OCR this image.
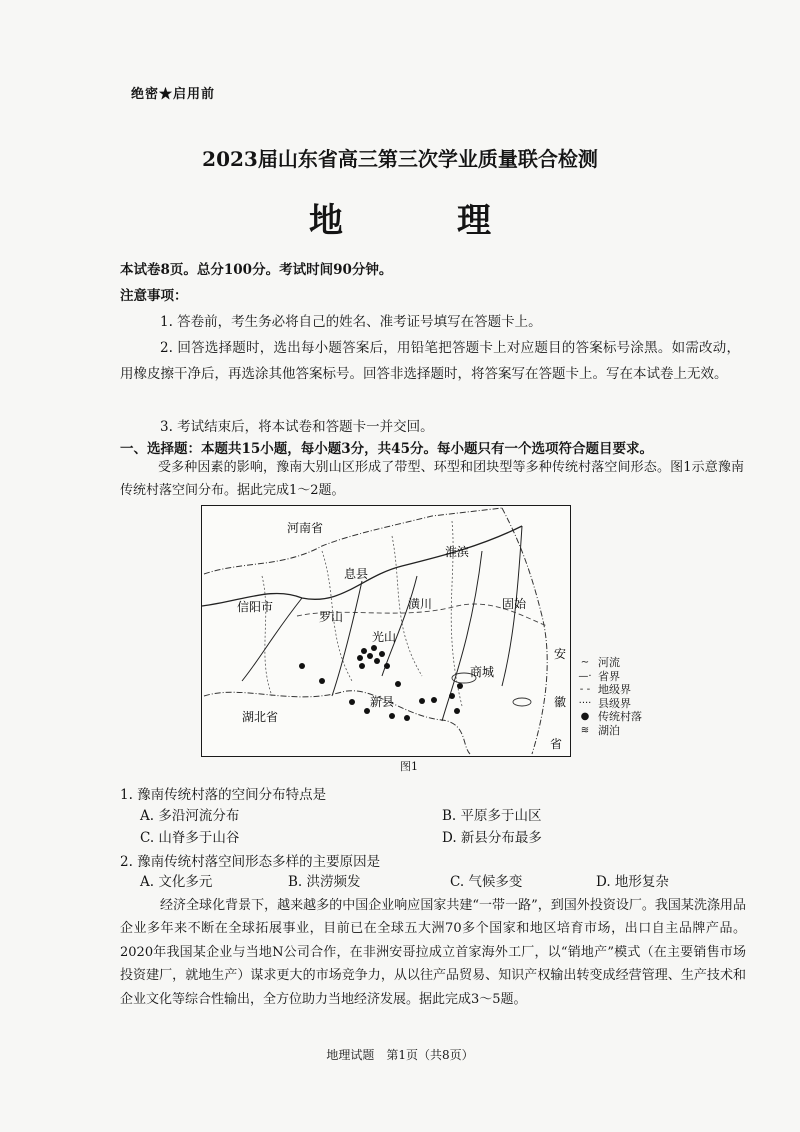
绝密★启用前
2023届山东省高三第三次学业质量联合检测
地　理
本试卷8页。总分100分。考试时间90分钟。
注意事项：
1. 答卷前，考生务必将自己的姓名、准考证号填写在答题卡上。
2. 回答选择题时，选出每小题答案后，用铅笔把答题卡上对应题目的答案标号涂黑。如需改动，用橡皮擦干净后，再选涂其他答案标号。回答非选择题时，将答案写在答题卡上。写在本试卷上无效。
3. 考试结束后，将本试卷和答题卡一并交回。
一、选择题：本题共15小题，每小题3分，共45分。每小题只有一个选项符合题目要求。
受多种因素的影响，豫南大别山区形成了带型、环型和团块型等多种传统村落空间形态。图1示意豫南传统村落空间分布。据此完成1～2题。
河南省
淮滨
息县
信阳市
罗山
潢川	固始
光山
商城
新县
湖北省
安
徽
省
∼ 河流
—· 省界
- - 地级界
···· 县级界
● 传统村落
≋ 湖泊
图1
1. 豫南传统村落的空间分布特点是
A. 多沿河流分布	B. 平原多于山区
C. 山脊多于山谷	D. 新县分布最多
2. 豫南传统村落空间形态多样的主要原因是
A. 文化多元	B. 洪涝频发	C. 气候多变	D. 地形复杂
经济全球化背景下，越来越多的中国企业响应国家共建“一带一路”，到国外投资设厂。我国某洗涤用品企业多年来不断在全球拓展事业，目前已在全球五大洲70多个国家和地区培育市场，出口自主品牌产品。2020年我国某企业与当地N公司合作，在非洲安哥拉成立首家海外工厂，以“销地产”模式（在主要销售市场投资建厂，就地生产）谋求更大的市场竞争力，从以往产品贸易、知识产权输出转变成经营管理、生产技术和企业文化等综合性输出，全方位助力当地经济发展。据此完成3～5题。
地理试题　第1页（共8页）
